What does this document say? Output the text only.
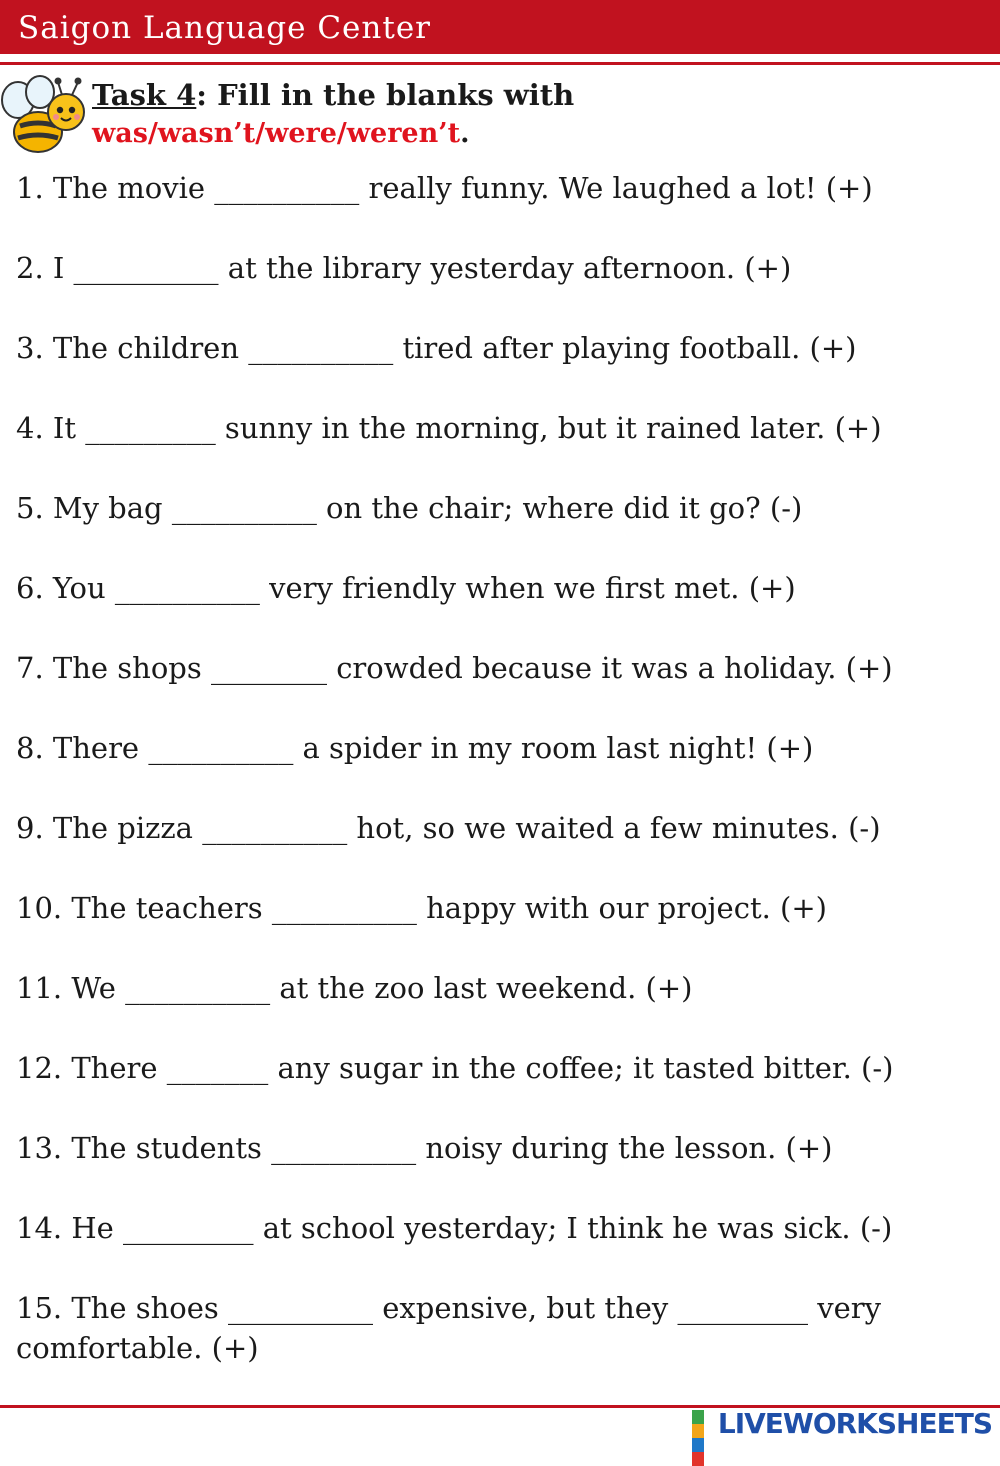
Saigon Language Center
Task 4: Fill in the blanks with
was/wasn’t/were/weren’t.
1. The movie __________ really funny. We laughed a lot! (+)
2. I __________ at the library yesterday afternoon. (+)
3. The children __________ tired after playing football. (+)
4. It _________ sunny in the morning, but it rained later. (+)
5. My bag __________ on the chair; where did it go? (-)
6. You __________ very friendly when we first met. (+)
7. The shops ________ crowded because it was a holiday. (+)
8. There __________ a spider in my room last night! (+)
9. The pizza __________ hot, so we waited a few minutes. (-)
10. The teachers __________ happy with our project. (+)
11. We __________ at the zoo last weekend. (+)
12. There _______ any sugar in the coffee; it tasted bitter. (-)
13. The students __________ noisy during the lesson. (+)
14. He _________ at school yesterday; I think he was sick. (-)
15. The shoes __________ expensive, but they _________ very comfortable. (+)
LIVEWORKSHEETS
